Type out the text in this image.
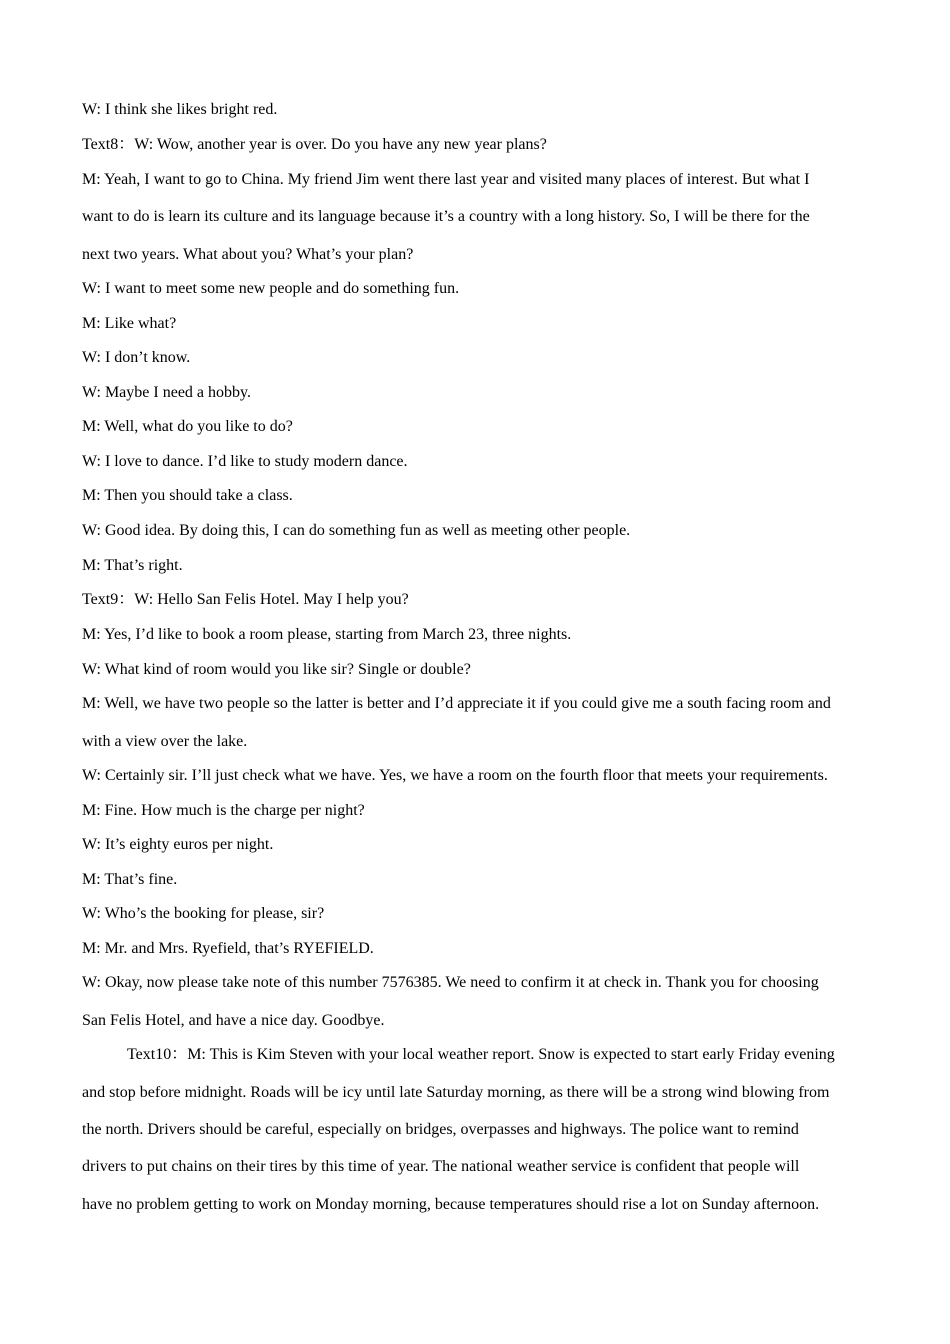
W: I think she likes bright red.

Text8：W: Wow, another year is over. Do you have any new year plans?

M: Yeah, I want to go to China. My friend Jim went there last year and visited many places of interest. But what I

want to do is learn its culture and its language because it’s a country with a long history. So, I will be there for the

next two years. What about you? What’s your plan?

W: I want to meet some new people and do something fun.

M: Like what?

W: I don’t know.

W: Maybe I need a hobby.

M: Well, what do you like to do?

W: I love to dance. I’d like to study modern dance.

M: Then you should take a class.

W: Good idea. By doing this, I can do something fun as well as meeting other people.

M: That’s right.

Text9：W: Hello San Felis Hotel. May I help you?

M: Yes, I’d like to book a room please, starting from March 23, three nights.

W: What kind of room would you like sir? Single or double?

M: Well, we have two people so the latter is better and I’d appreciate it if you could give me a south facing room and

with a view over the lake.

W: Certainly sir. I’ll just check what we have. Yes, we have a room on the fourth floor that meets your requirements.

M: Fine. How much is the charge per night?

W: It’s eighty euros per night.

M: That’s fine.

W: Who’s the booking for please, sir?

M: Mr. and Mrs. Ryefield, that’s RYEFIELD.

W: Okay, now please take note of this number 7576385. We need to confirm it at check in. Thank you for choosing

San Felis Hotel, and have a nice day. Goodbye.

Text10：M: This is Kim Steven with your local weather report. Snow is expected to start early Friday evening

and stop before midnight. Roads will be icy until late Saturday morning, as there will be a strong wind blowing from

the north. Drivers should be careful, especially on bridges, overpasses and highways. The police want to remind

drivers to put chains on their tires by this time of year. The national weather service is confident that people will

have no problem getting to work on Monday morning, because temperatures should rise a lot on Sunday afternoon.
